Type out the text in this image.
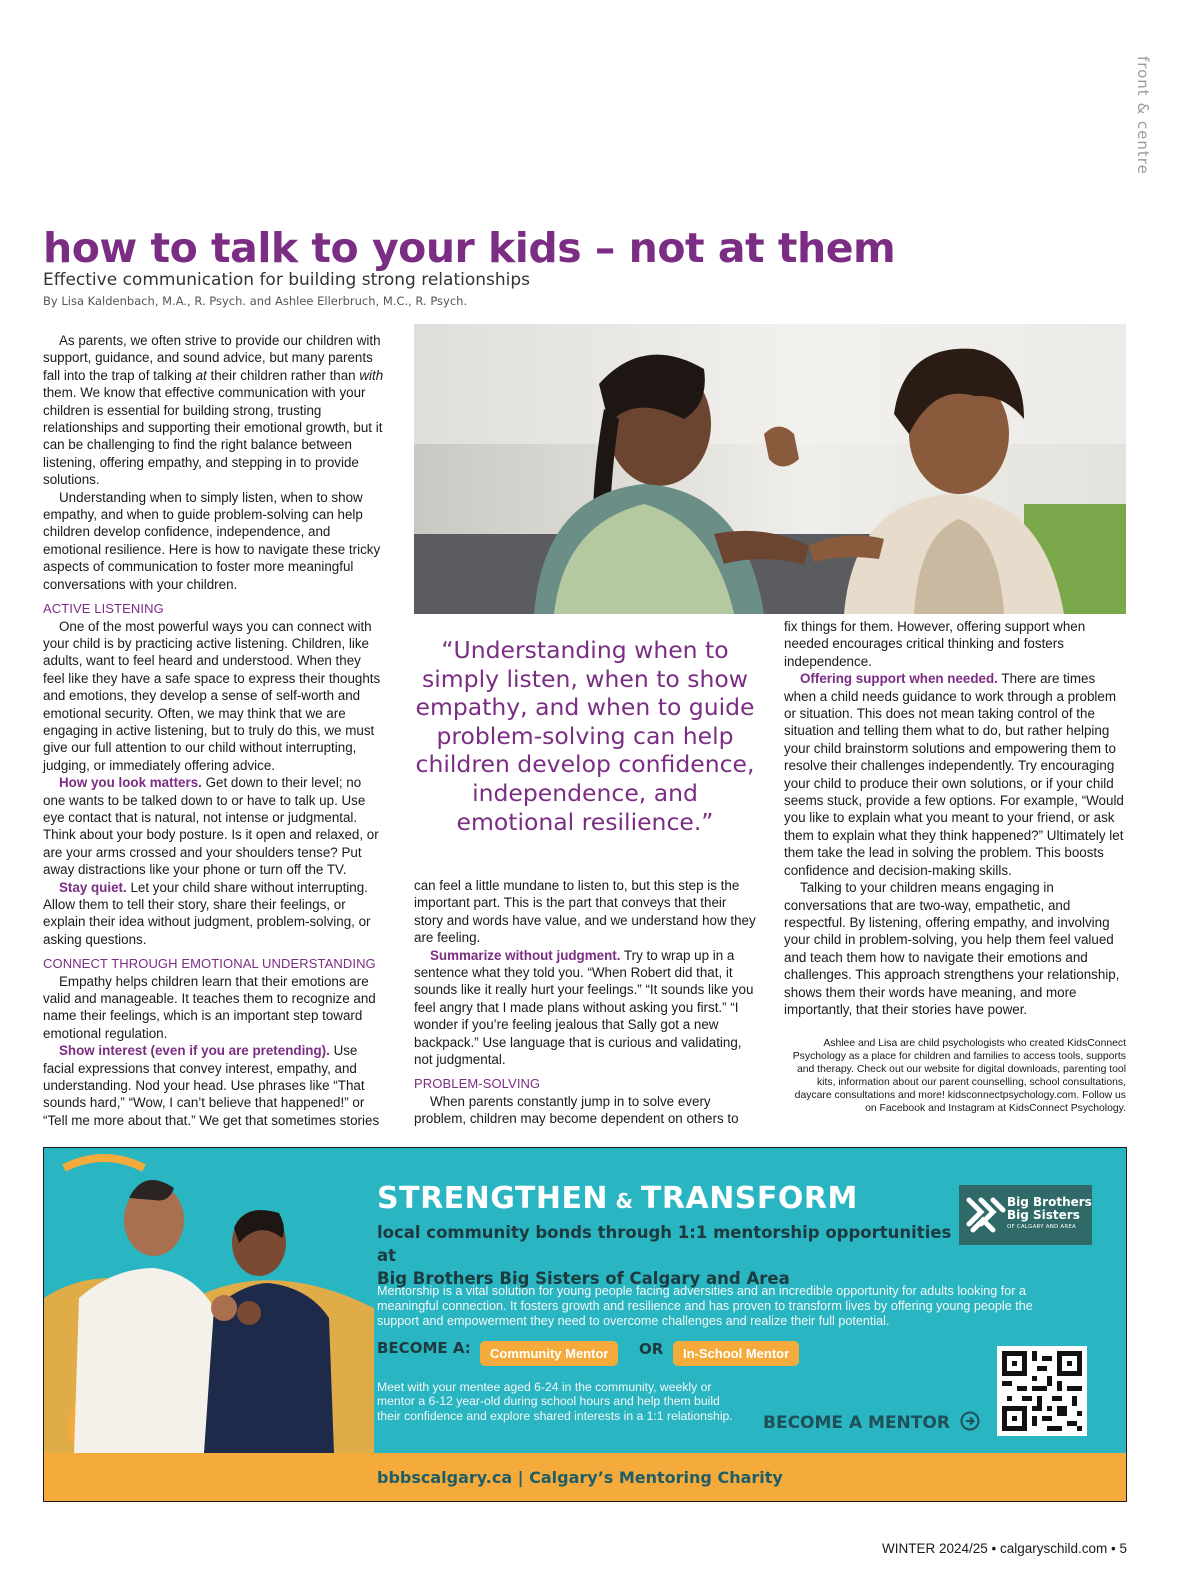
front & centre
how to talk to your kids – not at them
Effective communication for building strong relationships
By Lisa Kaldenbach, M.A., R. Psych. and Ashlee Ellerbruch, M.C., R. Psych.

As parents, we often strive to provide our children with support, guidance, and sound advice, but many parents fall into the trap of talking at their children rather than with them. We know that effective communication with your children is essential for building strong, trusting relationships and supporting their emotional growth, but it can be challenging to find the right balance between listening, offering empathy, and stepping in to provide solutions.

Understanding when to simply listen, when to show empathy, and when to guide problem-solving can help children develop confidence, independence, and emotional resilience. Here is how to navigate these tricky aspects of communication to foster more meaningful conversations with your children.

ACTIVE LISTENING

One of the most powerful ways you can connect with your child is by practicing active listening. Children, like adults, want to feel heard and understood. When they feel like they have a safe space to express their thoughts and emotions, they develop a sense of self-worth and emotional security. Often, we may think that we are engaging in active listening, but to truly do this, we must give our full attention to our child without interrupting, judging, or immediately offering advice.

How you look matters. Get down to their level; no one wants to be talked down to or have to talk up. Use eye contact that is natural, not intense or judgmental. Think about your body posture. Is it open and relaxed, or are your arms crossed and your shoulders tense? Put away distractions like your phone or turn off the TV.

Stay quiet. Let your child share without interrupting. Allow them to tell their story, share their feelings, or explain their idea without judgment, problem-solving, or asking questions.

CONNECT THROUGH EMOTIONAL UNDERSTANDING

Empathy helps children learn that their emotions are valid and manageable. It teaches them to recognize and name their feelings, which is an important step toward emotional regulation.

Show interest (even if you are pretending). Use facial expressions that convey interest, empathy, and understanding. Nod your head. Use phrases like “That sounds hard,” “Wow, I can’t believe that happened!” or “Tell me more about that.” We get that sometimes stories

“Understanding when to simply listen, when to show empathy, and when to guide problem-solving can help children develop confidence, independence, and emotional resilience.”

can feel a little mundane to listen to, but this step is the important part. This is the part that conveys that their story and words have value, and we understand how they are feeling.

Summarize without judgment. Try to wrap up in a sentence what they told you. “When Robert did that, it sounds like it really hurt your feelings.” “It sounds like you feel angry that I made plans without asking you first.” “I wonder if you’re feeling jealous that Sally got a new backpack.” Use language that is curious and validating, not judgmental.

PROBLEM-SOLVING

When parents constantly jump in to solve every problem, children may become dependent on others to

fix things for them. However, offering support when needed encourages critical thinking and fosters independence.

Offering support when needed. There are times when a child needs guidance to work through a problem or situation. This does not mean taking control of the situation and telling them what to do, but rather helping your child brainstorm solutions and empowering them to resolve their challenges independently. Try encouraging your child to produce their own solutions, or if your child seems stuck, provide a few options. For example, “Would you like to explain what you meant to your friend, or ask them to explain what they think happened?” Ultimately let them take the lead in solving the problem. This boosts confidence and decision-making skills.

Talking to your children means engaging in conversations that are two-way, empathetic, and respectful. By listening, offering empathy, and involving your child in problem-solving, you help them feel valued and teach them how to navigate their emotions and challenges. This approach strengthens your relationship, shows them their words have meaning, and more importantly, that their stories have power.

Ashlee and Lisa are child psychologists who created KidsConnect Psychology as a place for children and families to access tools, supports and therapy. Check out our website for digital downloads, parenting tool kits, information about our parent counselling, school consultations, daycare consultations and more! kidsconnectpsychology.com. Follow us on Facebook and Instagram at KidsConnect Psychology.
STRENGTHEN & TRANSFORM
local community bonds through 1:1 mentorship opportunities at
Big Brothers Big Sisters of Calgary and Area
Big Brothers
Big Sisters
OF CALGARY AND AREA
Mentorship is a vital solution for young people facing adversities and an incredible opportunity for adults looking for a meaningful connection. It fosters growth and resilience and has proven to transform lives by offering young people the support and empowerment they need to overcome challenges and realize their full potential.
BECOME A:	Community Mentor	OR	In-School Mentor
Meet with your mentee aged 6-24 in the community, weekly or mentor a 6-12 year-old during school hours and help them build their confidence and explore shared interests in a 1:1 relationship. BECOME A MENTOR
bbbscalgary.ca | Calgary’s Mentoring Charity
WINTER 2024/25 • calgaryschild.com • 5
